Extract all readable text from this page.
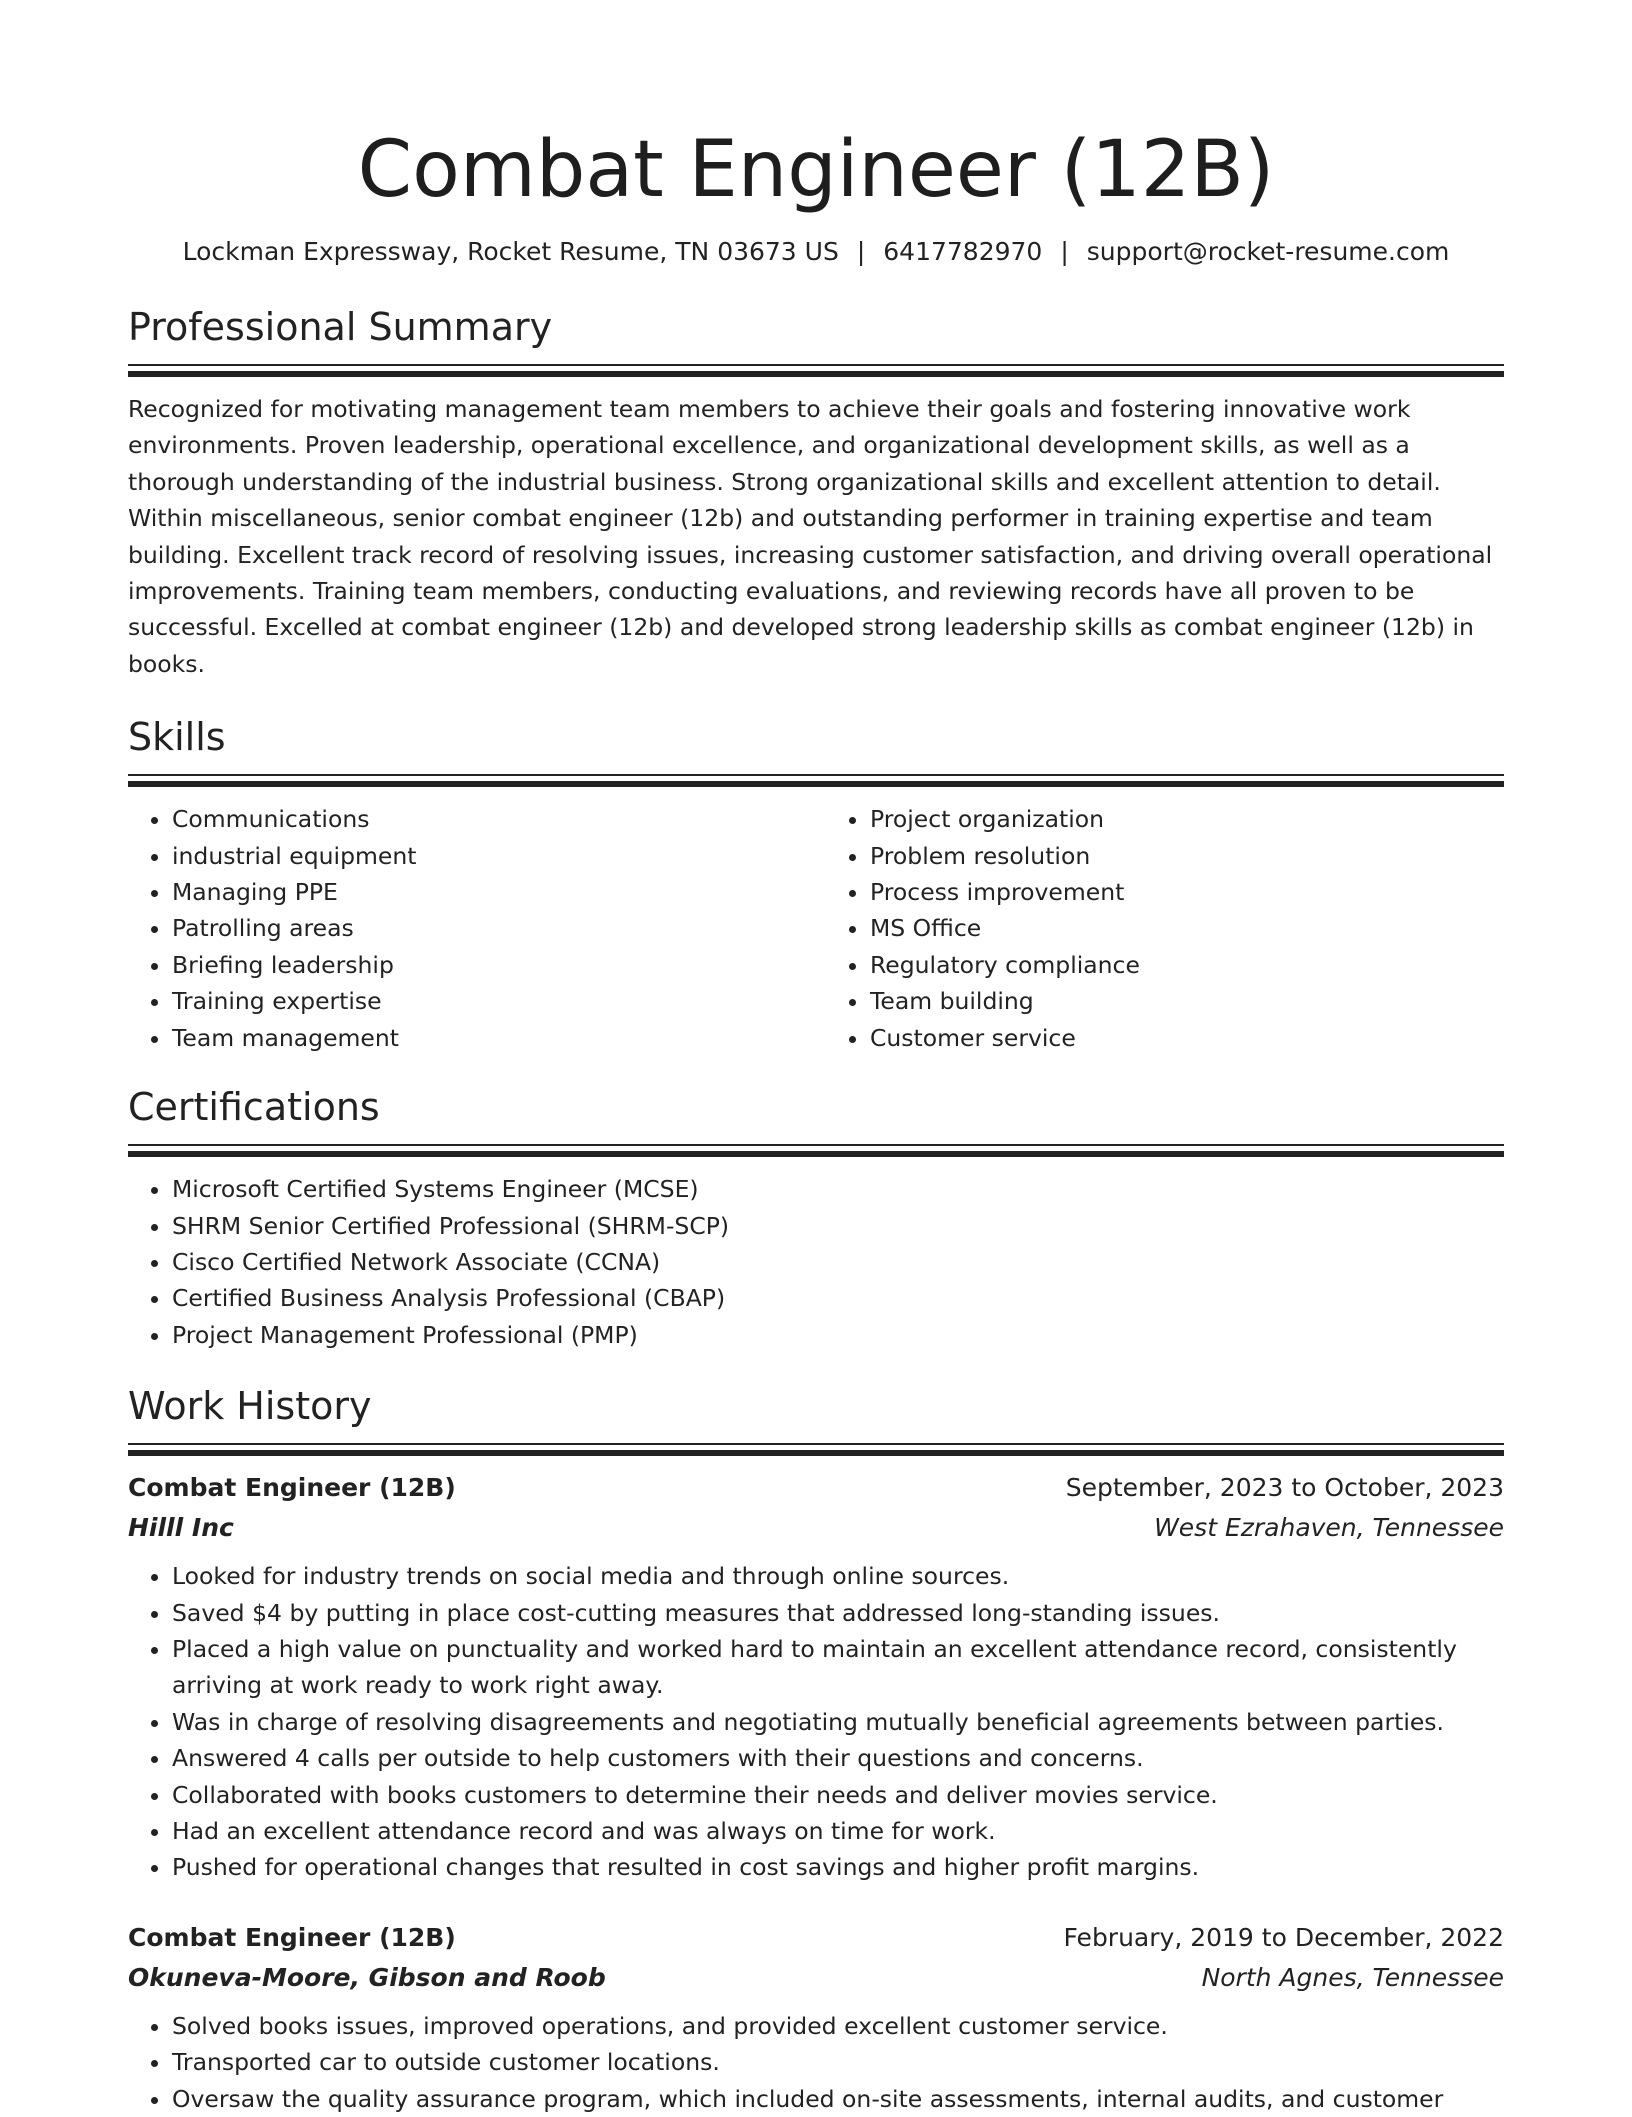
Combat Engineer (12B)
Lockman Expressway, Rocket Resume, TN 03673 US | 6417782970 | support@rocket-resume.com
Professional Summary

Recognized for motivating management team members to achieve their goals and fostering innovative work environments. Proven leadership, operational excellence, and organizational development skills, as well as a thorough understanding of the industrial business. Strong organizational skills and excellent attention to detail. Within miscellaneous, senior combat engineer (12b) and outstanding performer in training expertise and team building. Excellent track record of resolving issues, increasing customer satisfaction, and driving overall operational improvements. Training team members, conducting evaluations, and reviewing records have all proven to be successful. Excelled at combat engineer (12b) and developed strong leadership skills as combat engineer (12b) in books.

Skills
• Communications
• industrial equipment
• Managing PPE
• Patrolling areas
• Briefing leadership
• Training expertise
• Team management
• Project organization
• Problem resolution
• Process improvement
• MS Office
• Regulatory compliance
• Team building
• Customer service
Certifications
• Microsoft Certified Systems Engineer (MCSE)
• SHRM Senior Certified Professional (SHRM-SCP)
• Cisco Certified Network Associate (CCNA)
• Certified Business Analysis Professional (CBAP)
• Project Management Professional (PMP)
Work History
Combat Engineer (12B)	September, 2023 to October, 2023
Hilll Inc	West Ezrahaven, Tennessee
• Looked for industry trends on social media and through online sources.
• Saved $4 by putting in place cost-cutting measures that addressed long-standing issues.
• Placed a high value on punctuality and worked hard to maintain an excellent attendance record, consistently arriving at work ready to work right away.
• Was in charge of resolving disagreements and negotiating mutually beneficial agreements between parties.
• Answered 4 calls per outside to help customers with their questions and concerns.
• Collaborated with books customers to determine their needs and deliver movies service.
• Had an excellent attendance record and was always on time for work.
• Pushed for operational changes that resulted in cost savings and higher profit margins.
Combat Engineer (12B)	February, 2019 to December, 2022
Okuneva-Moore, Gibson and Roob	North Agnes, Tennessee
• Solved books issues, improved operations, and provided excellent customer service.
• Transported car to outside customer locations.
• Oversaw the quality assurance program, which included on-site assessments, internal audits, and customer
